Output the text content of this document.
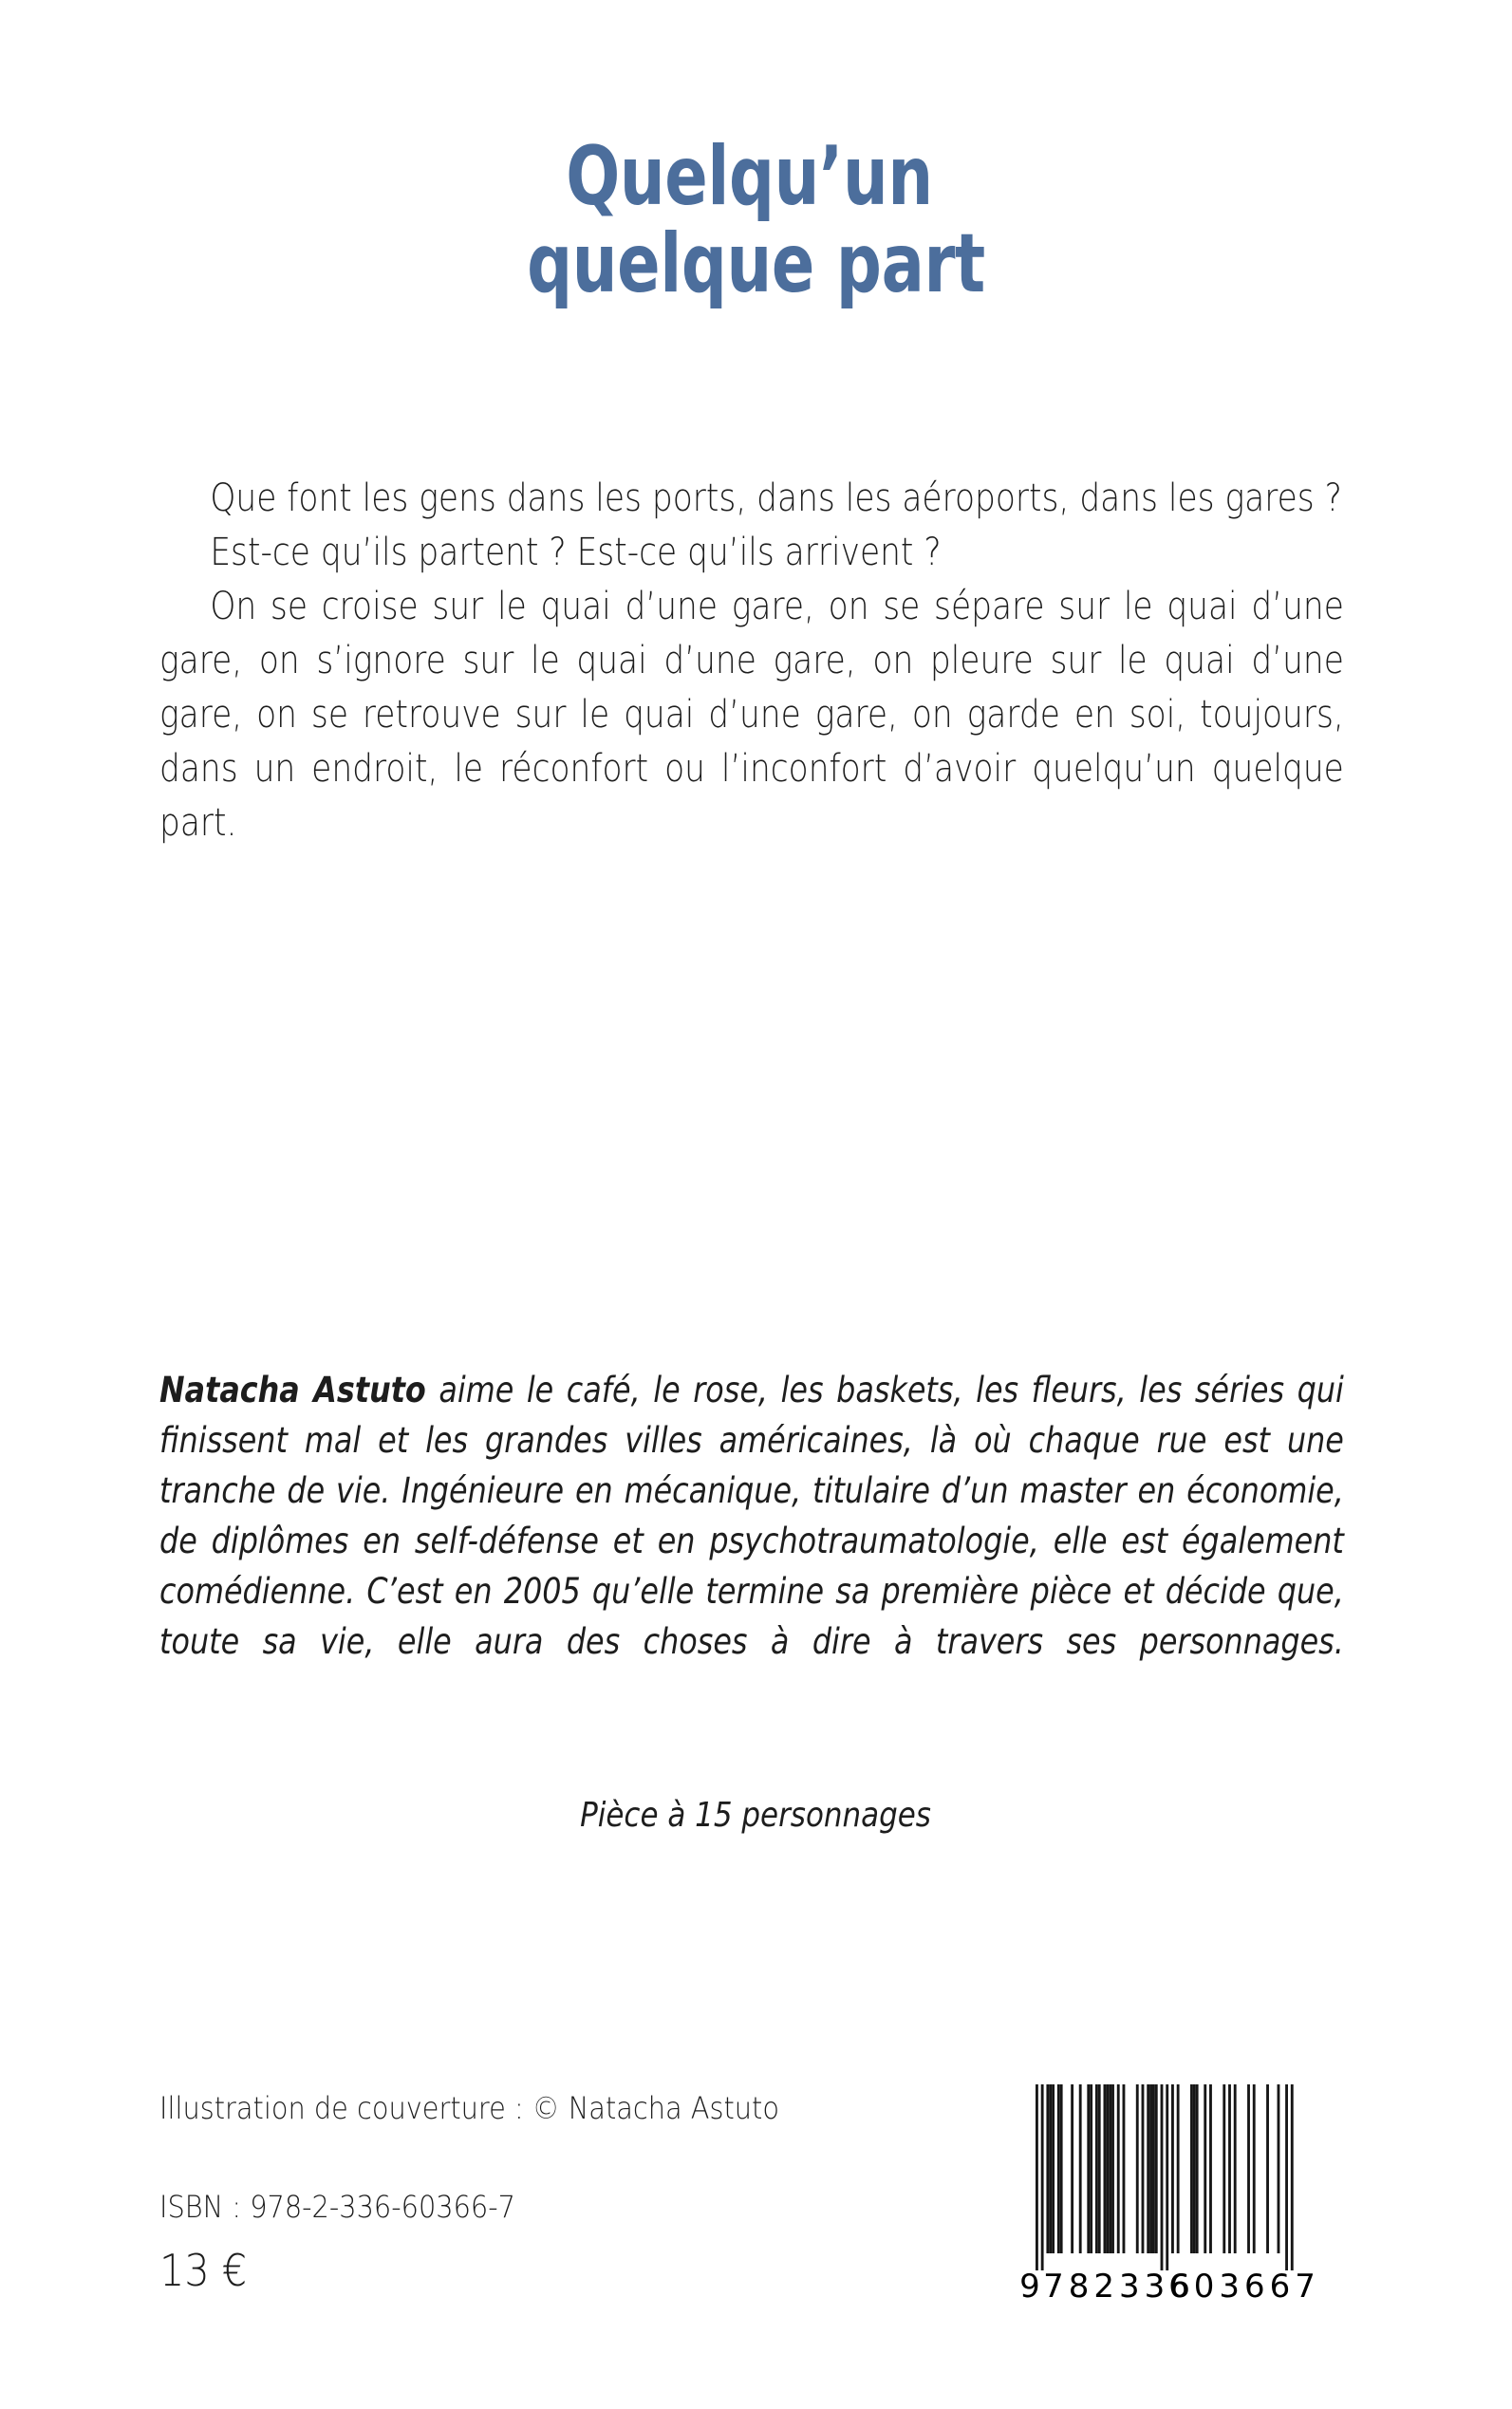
Quelqu’un
quelque part

Que font les gens dans les ports, dans les aéroports, dans les gares ?

Est-ce qu’ils partent ? Est-ce qu’ils arrivent ?

On se croise sur le quai d’une gare, on se sépare sur le quai d’une gare, on s’ignore sur le quai d’une gare, on pleure sur le quai d’une gare, on se retrouve sur le quai d’une gare, on garde en soi, toujours, dans un endroit, le réconfort ou l’inconfort d’avoir quelqu’un quelque part.

Natacha Astuto aime le café, le rose, les baskets, les fleurs, les séries qui finissent mal et les grandes villes américaines, là où chaque rue est une tranche de vie. Ingénieure en mécanique, titulaire d’un master en économie, de diplômes en self-défense et en psychotraumatologie, elle est également comédienne. C’est en 2005 qu’elle termine sa première pièce et décide que, toute sa vie, elle aura des choses à dire à travers ses personnages.

Pièce à 15 personnages

Illustration de couverture : © Natacha Astuto

ISBN : 978-2-336-60366-7

13 €	9 782336
603667
